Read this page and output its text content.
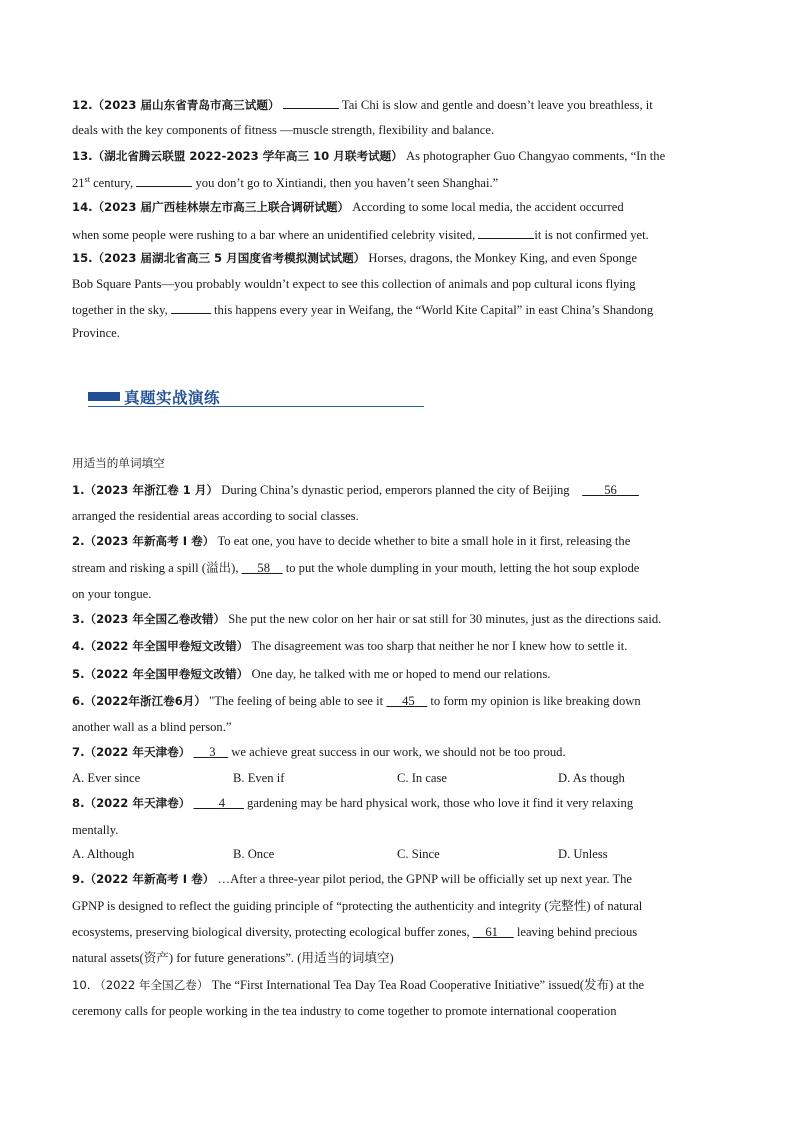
12.（2023 届山东省青岛市高三试题）	Tai Chi is slow and gentle and doesn’t leave you breathless, it
deals with the key components of fitness —muscle strength, flexibility and balance.
13.（湖北省腾云联盟 2022-2023 学年高三 10 月联考试题） As photographer Guo Changyao comments, “In the
21st century,	you don’t go to Xintiandi, then you haven’t seen Shanghai.”
14.（2023 届广西桂林崇左市高三上联合调研试题） According to some local media, the accident occurred
when some people were rushing to a bar where an unidentified celebrity visited,	it is not confirmed yet.
15.（2023 届湖北省高三 5 月国度省考模拟测试试题） Horses, dragons, the Monkey King, and even Sponge
Bob Square Pants—you probably wouldn’t expect to see this collection of animals and pop cultural icons flying
together in the sky,	this happens every year in Weifang, the “World Kite Capital” in east China’s Shandong
Province.
真题实战演练
用适当的单词填空
1.（2023 年浙江卷 1 月） During China’s dynastic period, emperors planned the city of Beijing	56
arranged the residential areas according to social classes.
2.（2023 年新高考 I 卷） To eat one, you have to decide whether to bite a small hole in it first, releasing the
stream and risking a spill (溢出),      58     to put the whole dumpling in your mouth, letting the hot soup explode
on your tongue.
3.（2023 年全国乙卷改错） She put the new color on her hair or sat still for 30 minutes, just as the directions said.
4.（2022 年全国甲卷短文改错） The disagreement was too sharp that neither he nor I knew how to settle it.
5.（2022 年全国甲卷短文改错） One day, he talked with me or hoped to mend our relations.
6.（2022年浙江卷6月） "The feeling of being able to see it      45     to form my opinion is like breaking down
another wall as a blind person.”
7.（2022 年天津卷） 3     we achieve great success in our work, we should not be too proud.
A. Ever since	B. Even if	C. In case	D. As though
8.（2022 年天津卷） 4       gardening may be hard physical work, those who love it find it very relaxing
mentally.
A. Although	B. Once	C. Since	D. Unless
9.（2022 年新高考 I 卷） …After a three-year pilot period, the GPNP will be officially set up next year. The
GPNP is designed to reflect the guiding principle of “protecting the authenticity and integrity (完整性) of natural
ecosystems, preserving biological diversity, protecting ecological buffer zones,     61      leaving behind precious
natural assets(资产) for future generations”. (用适当的词填空)
10. （2022 年全国乙卷） The “First International Tea Day Tea Road Cooperative Initiative” issued(发布) at the
ceremony calls for people working in the tea industry to come together to promote international cooperation
